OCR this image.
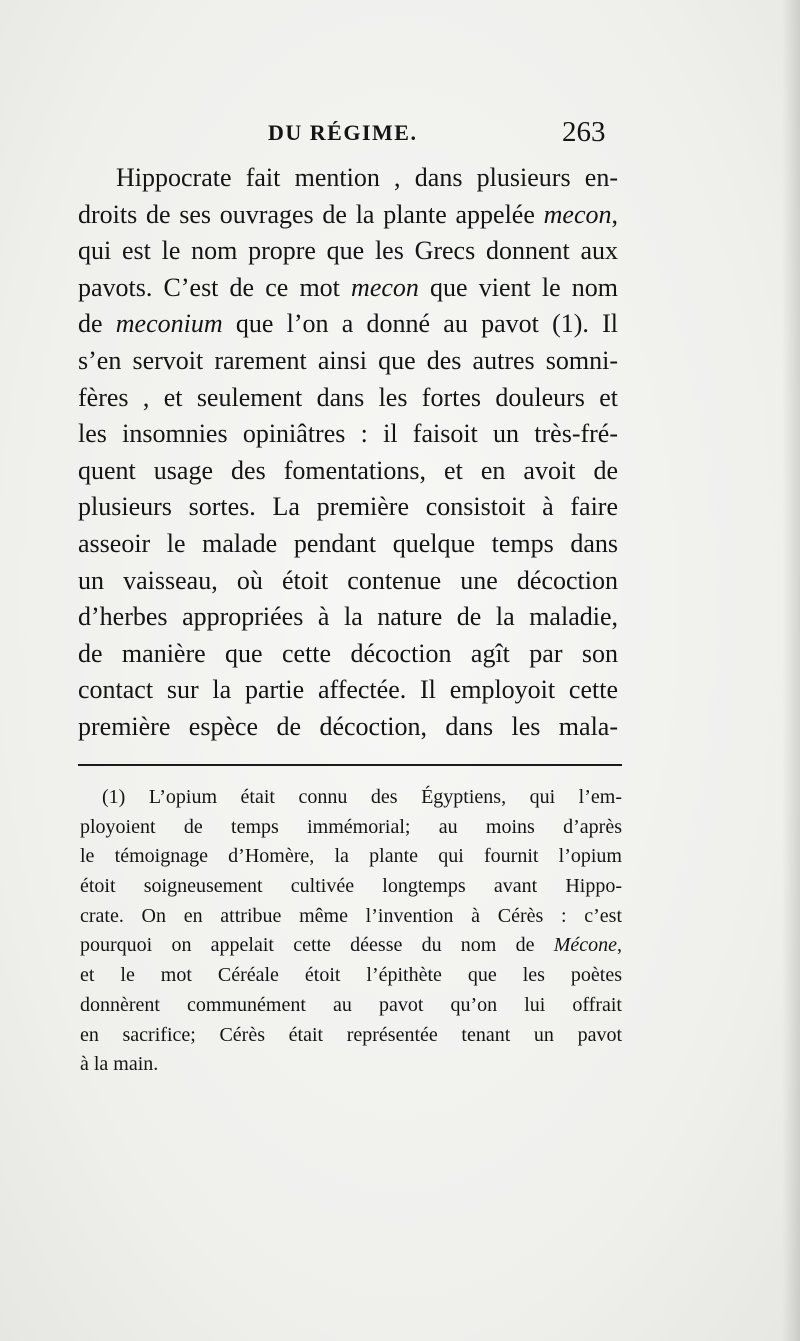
DU RÉGIME.	263
Hippocrate fait mention , dans plusieurs en-
droits de ses ouvrages de la plante appelée mecon,
qui est le nom propre que les Grecs donnent aux
pavots. C’est de ce mot mecon que vient le nom
de meconium que l’on a donné au pavot (1). Il
s’en servoit rarement ainsi que des autres somni-
fères , et seulement dans les fortes douleurs et
les insomnies opiniâtres : il faisoit un très-fré-
quent usage des fomentations, et en avoit de
plusieurs sortes. La première consistoit à faire
asseoir le malade pendant quelque temps dans
un vaisseau, où étoit contenue une décoction
d’herbes appropriées à la nature de la maladie,
de manière que cette décoction agît par son
contact sur la partie affectée. Il employoit cette
première espèce de décoction, dans les mala-
(1) L’opium était connu des Égyptiens, qui l’em-
ployoient de temps immémorial; au moins d’après
le témoignage d’Homère, la plante qui fournit l’opium
étoit soigneusement cultivée longtemps avant Hippo-
crate. On en attribue même l’invention à Cérès : c’est
pourquoi on appelait cette déesse du nom de Mécone,
et le mot Céréale étoit l’épithète que les poètes
donnèrent communément au pavot qu’on lui offrait
en sacrifice; Cérès était représentée tenant un pavot
à la main.
